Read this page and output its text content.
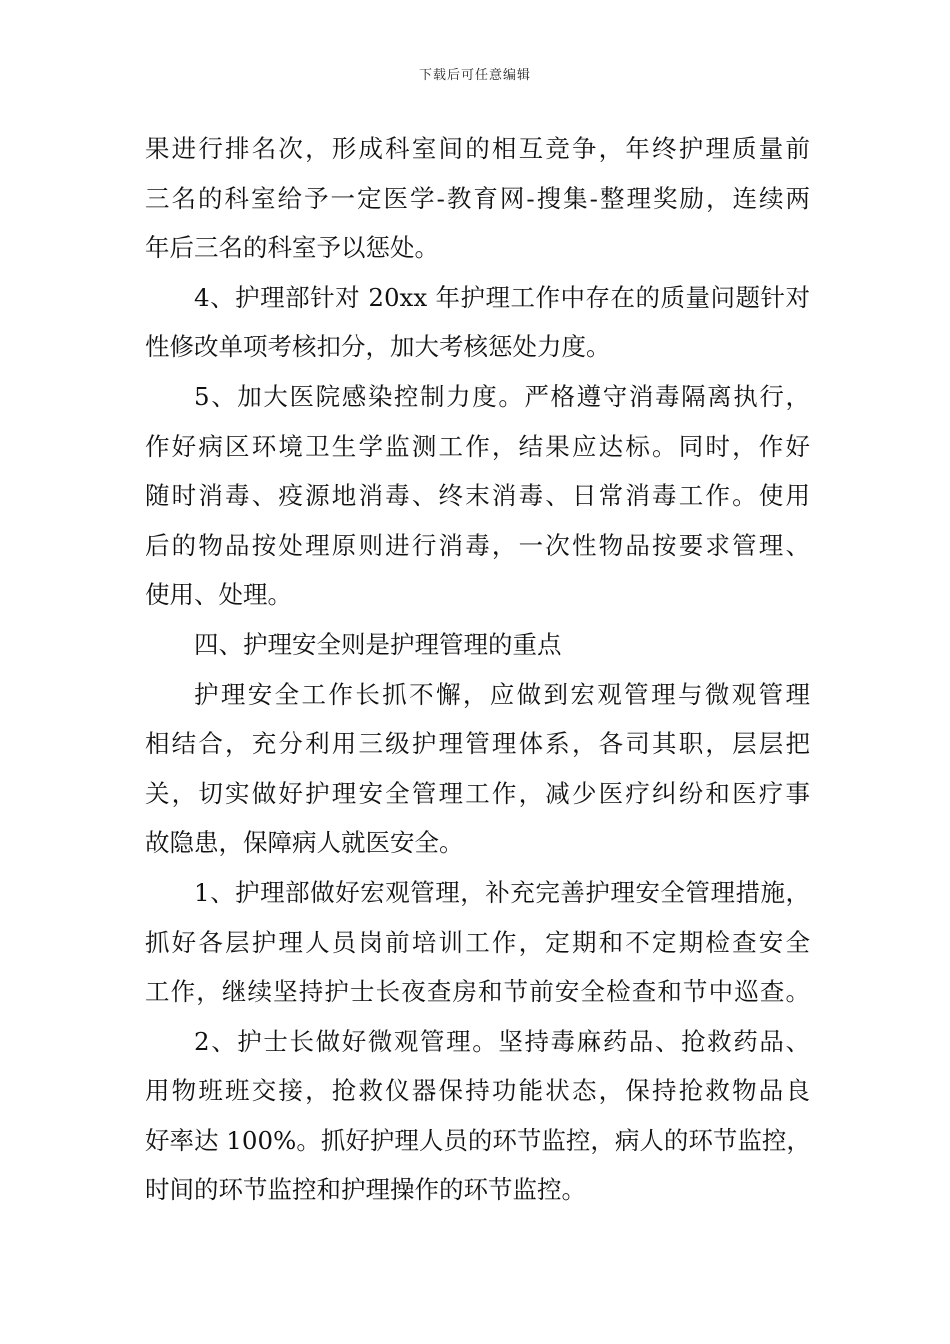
下载后可任意编辑
果进行排名次，形成科室间的相互竞争，年终护理质量前
三名的科室给予一定医学-教育网-搜集-整理奖励，连续两
年后三名的科室予以惩处。
4、护理部针对 20xx 年护理工作中存在的质量问题针对
性修改单项考核扣分，加大考核惩处力度。
5、加大医院感染控制力度。严格遵守消毒隔离执行，
作好病区环境卫生学监测工作，结果应达标。同时，作好
随时消毒、疫源地消毒、终末消毒、日常消毒工作。使用
后的物品按处理原则进行消毒，一次性物品按要求管理、
使用、处理。
四、护理安全则是护理管理的重点
护理安全工作长抓不懈，应做到宏观管理与微观管理
相结合，充分利用三级护理管理体系，各司其职，层层把
关，切实做好护理安全管理工作，减少医疗纠纷和医疗事
故隐患，保障病人就医安全。
1、护理部做好宏观管理，补充完善护理安全管理措施，
抓好各层护理人员岗前培训工作，定期和不定期检查安全
工作，继续坚持护士长夜查房和节前安全检查和节中巡查。
2、护士长做好微观管理。坚持毒麻药品、抢救药品、
用物班班交接，抢救仪器保持功能状态，保持抢救物品良
好率达 100%。抓好护理人员的环节监控，病人的环节监控，
时间的环节监控和护理操作的环节监控。
